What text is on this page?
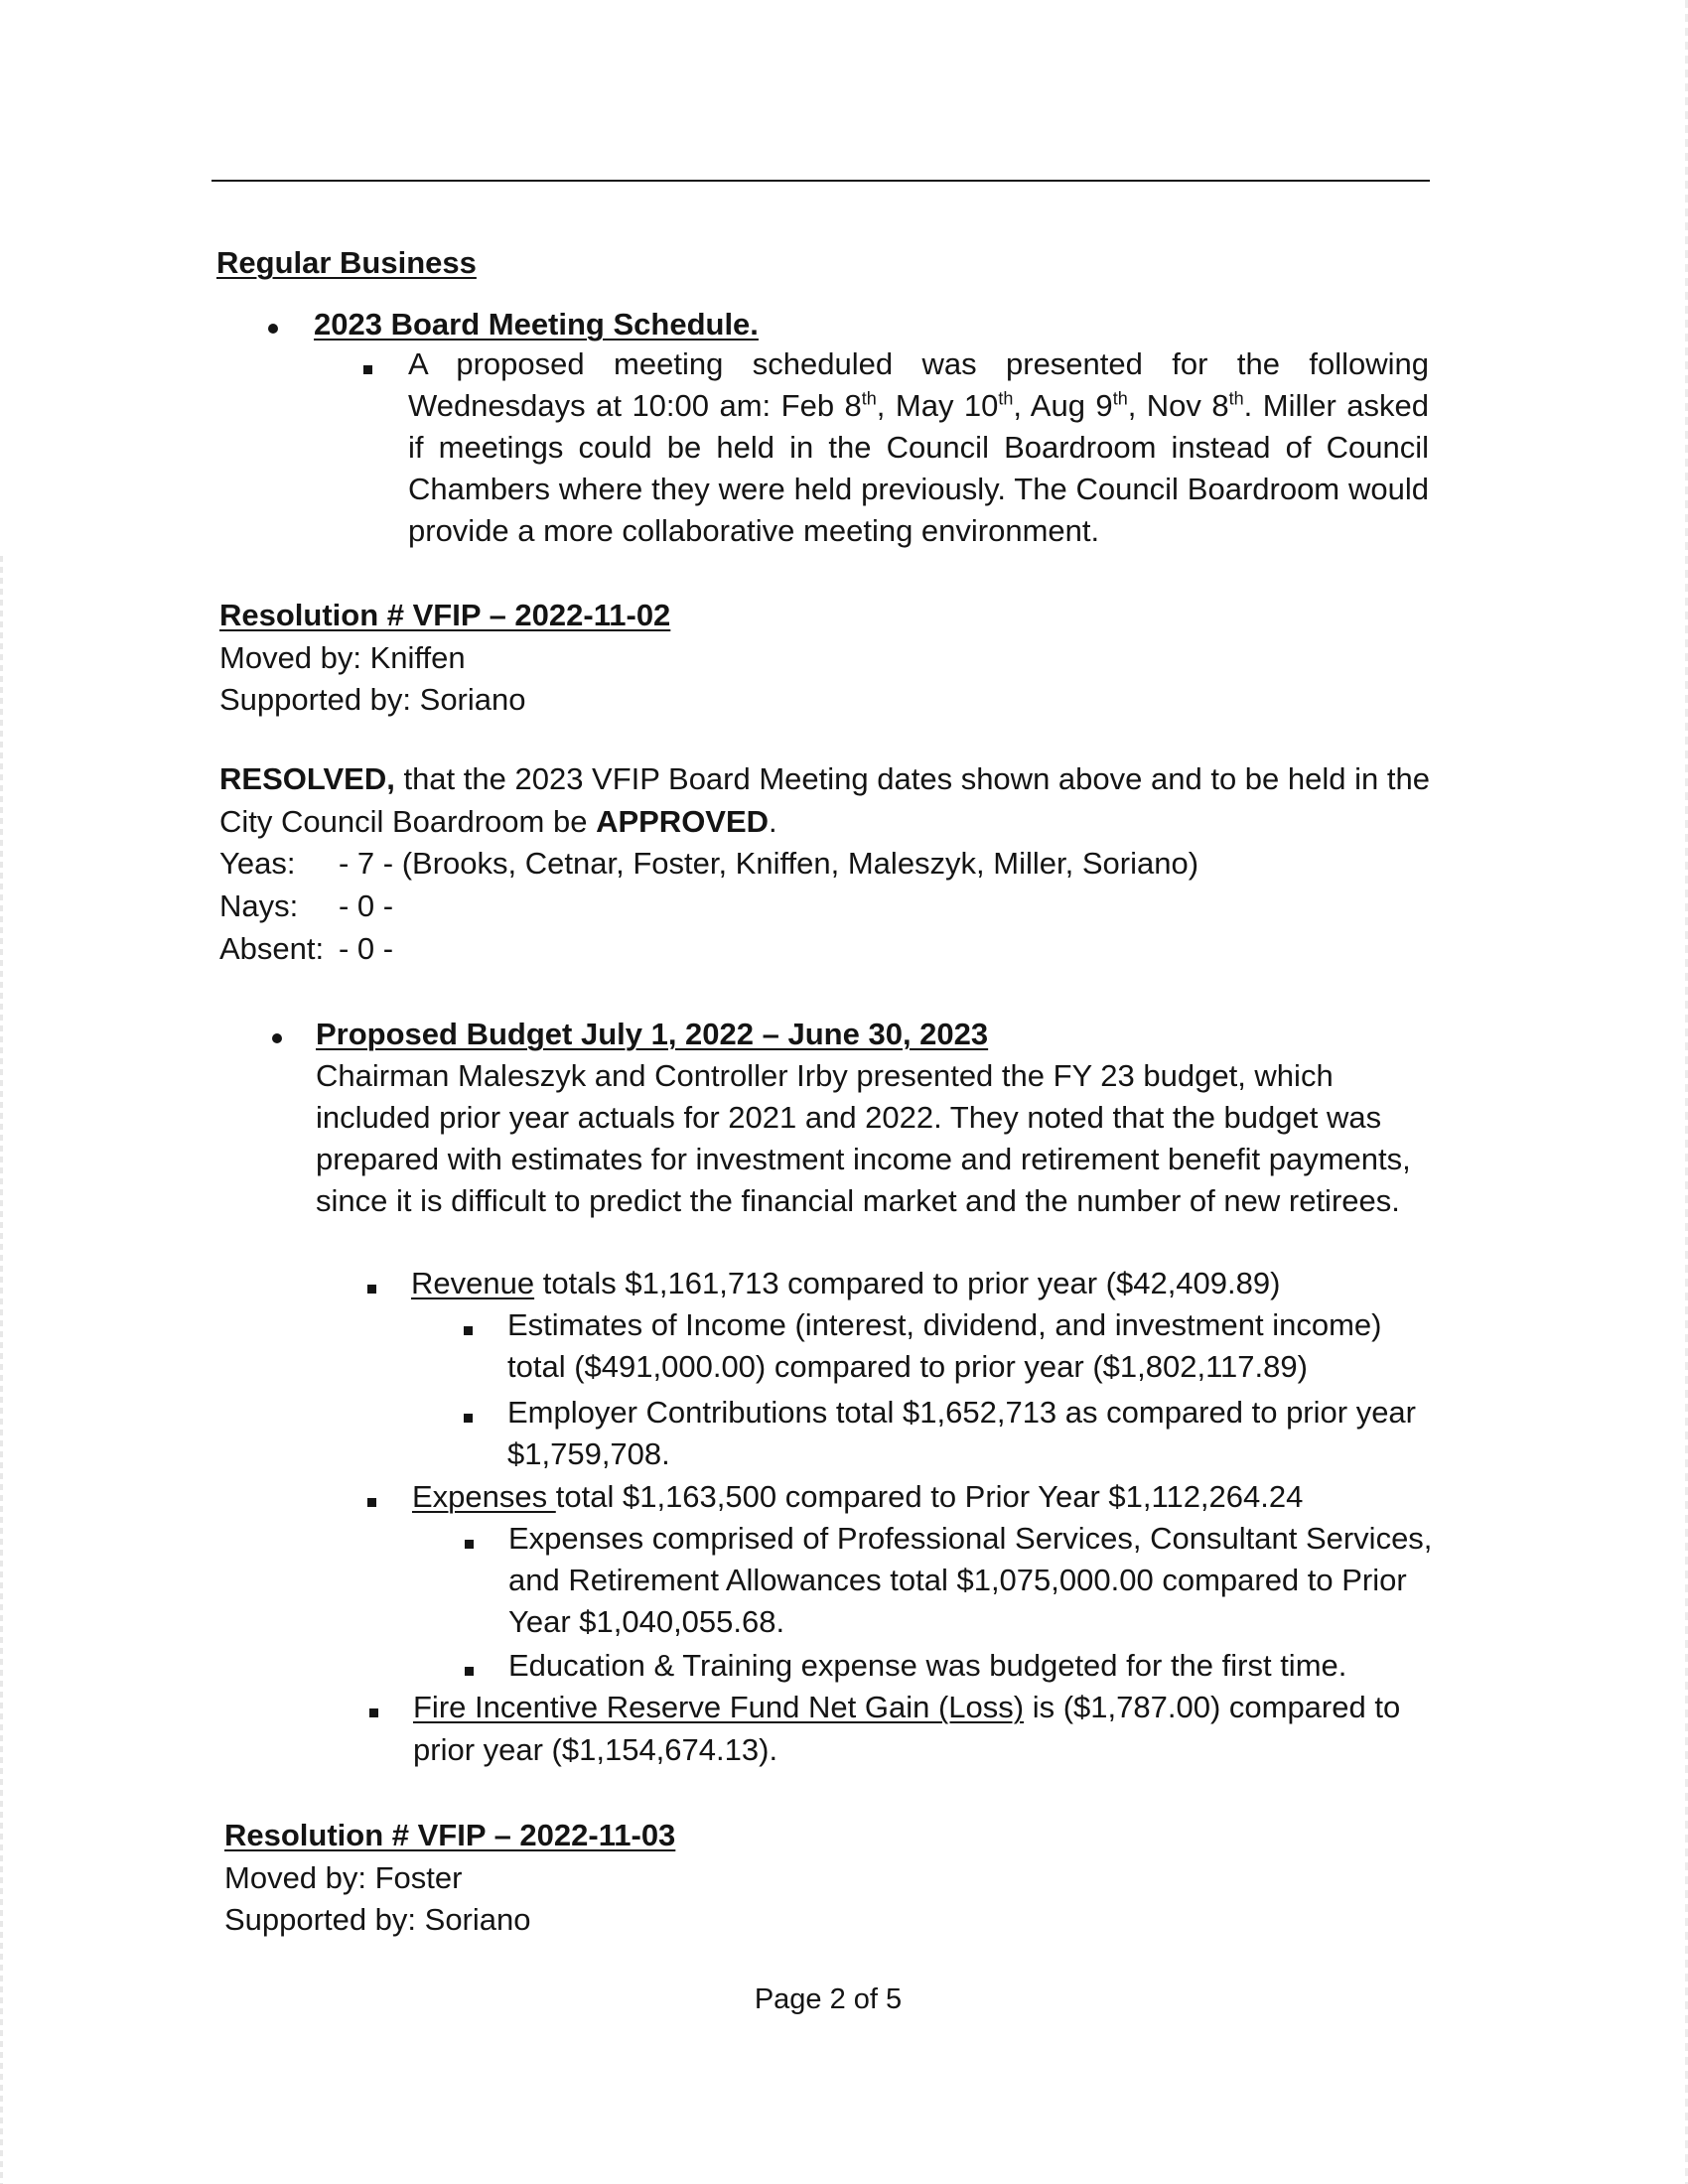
Regular Business
2023 Board Meeting Schedule.
A proposed meeting scheduled was presented for the following
Wednesdays at 10:00 am: Feb 8th, May 10th, Aug 9th, Nov 8th. Miller asked
if meetings could be held in the Council Boardroom instead of Council
Chambers where they were held previously. The Council Boardroom would
provide a more collaborative meeting environment.
Resolution # VFIP – 2022-11-02
Moved by: Kniffen
Supported by: Soriano
RESOLVED, that the 2023 VFIP Board Meeting dates shown above and to be held in the
City Council Boardroom be APPROVED.
Yeas: - 7 - (Brooks, Cetnar, Foster, Kniffen, Maleszyk, Miller, Soriano)
Nays: - 0 -
Absent: - 0 -
Proposed Budget July 1, 2022 – June 30, 2023
Chairman Maleszyk and Controller Irby presented the FY 23 budget, which
included prior year actuals for 2021 and 2022. They noted that the budget was
prepared with estimates for investment income and retirement benefit payments,
since it is difficult to predict the financial market and the number of new retirees.
Revenue totals $1,161,713 compared to prior year ($42,409.89)
Estimates of Income (interest, dividend, and investment income)
total ($491,000.00) compared to prior year ($1,802,117.89)
Employer Contributions total $1,652,713 as compared to prior year
$1,759,708.
Expenses total $1,163,500 compared to Prior Year $1,112,264.24
Expenses comprised of Professional Services, Consultant Services,
and Retirement Allowances total $1,075,000.00 compared to Prior
Year $1,040,055.68.
Education & Training expense was budgeted for the first time.
Fire Incentive Reserve Fund Net Gain (Loss) is ($1,787.00) compared to
prior year ($1,154,674.13).
Resolution # VFIP – 2022-11-03
Moved by: Foster
Supported by: Soriano
Page 2 of 5
